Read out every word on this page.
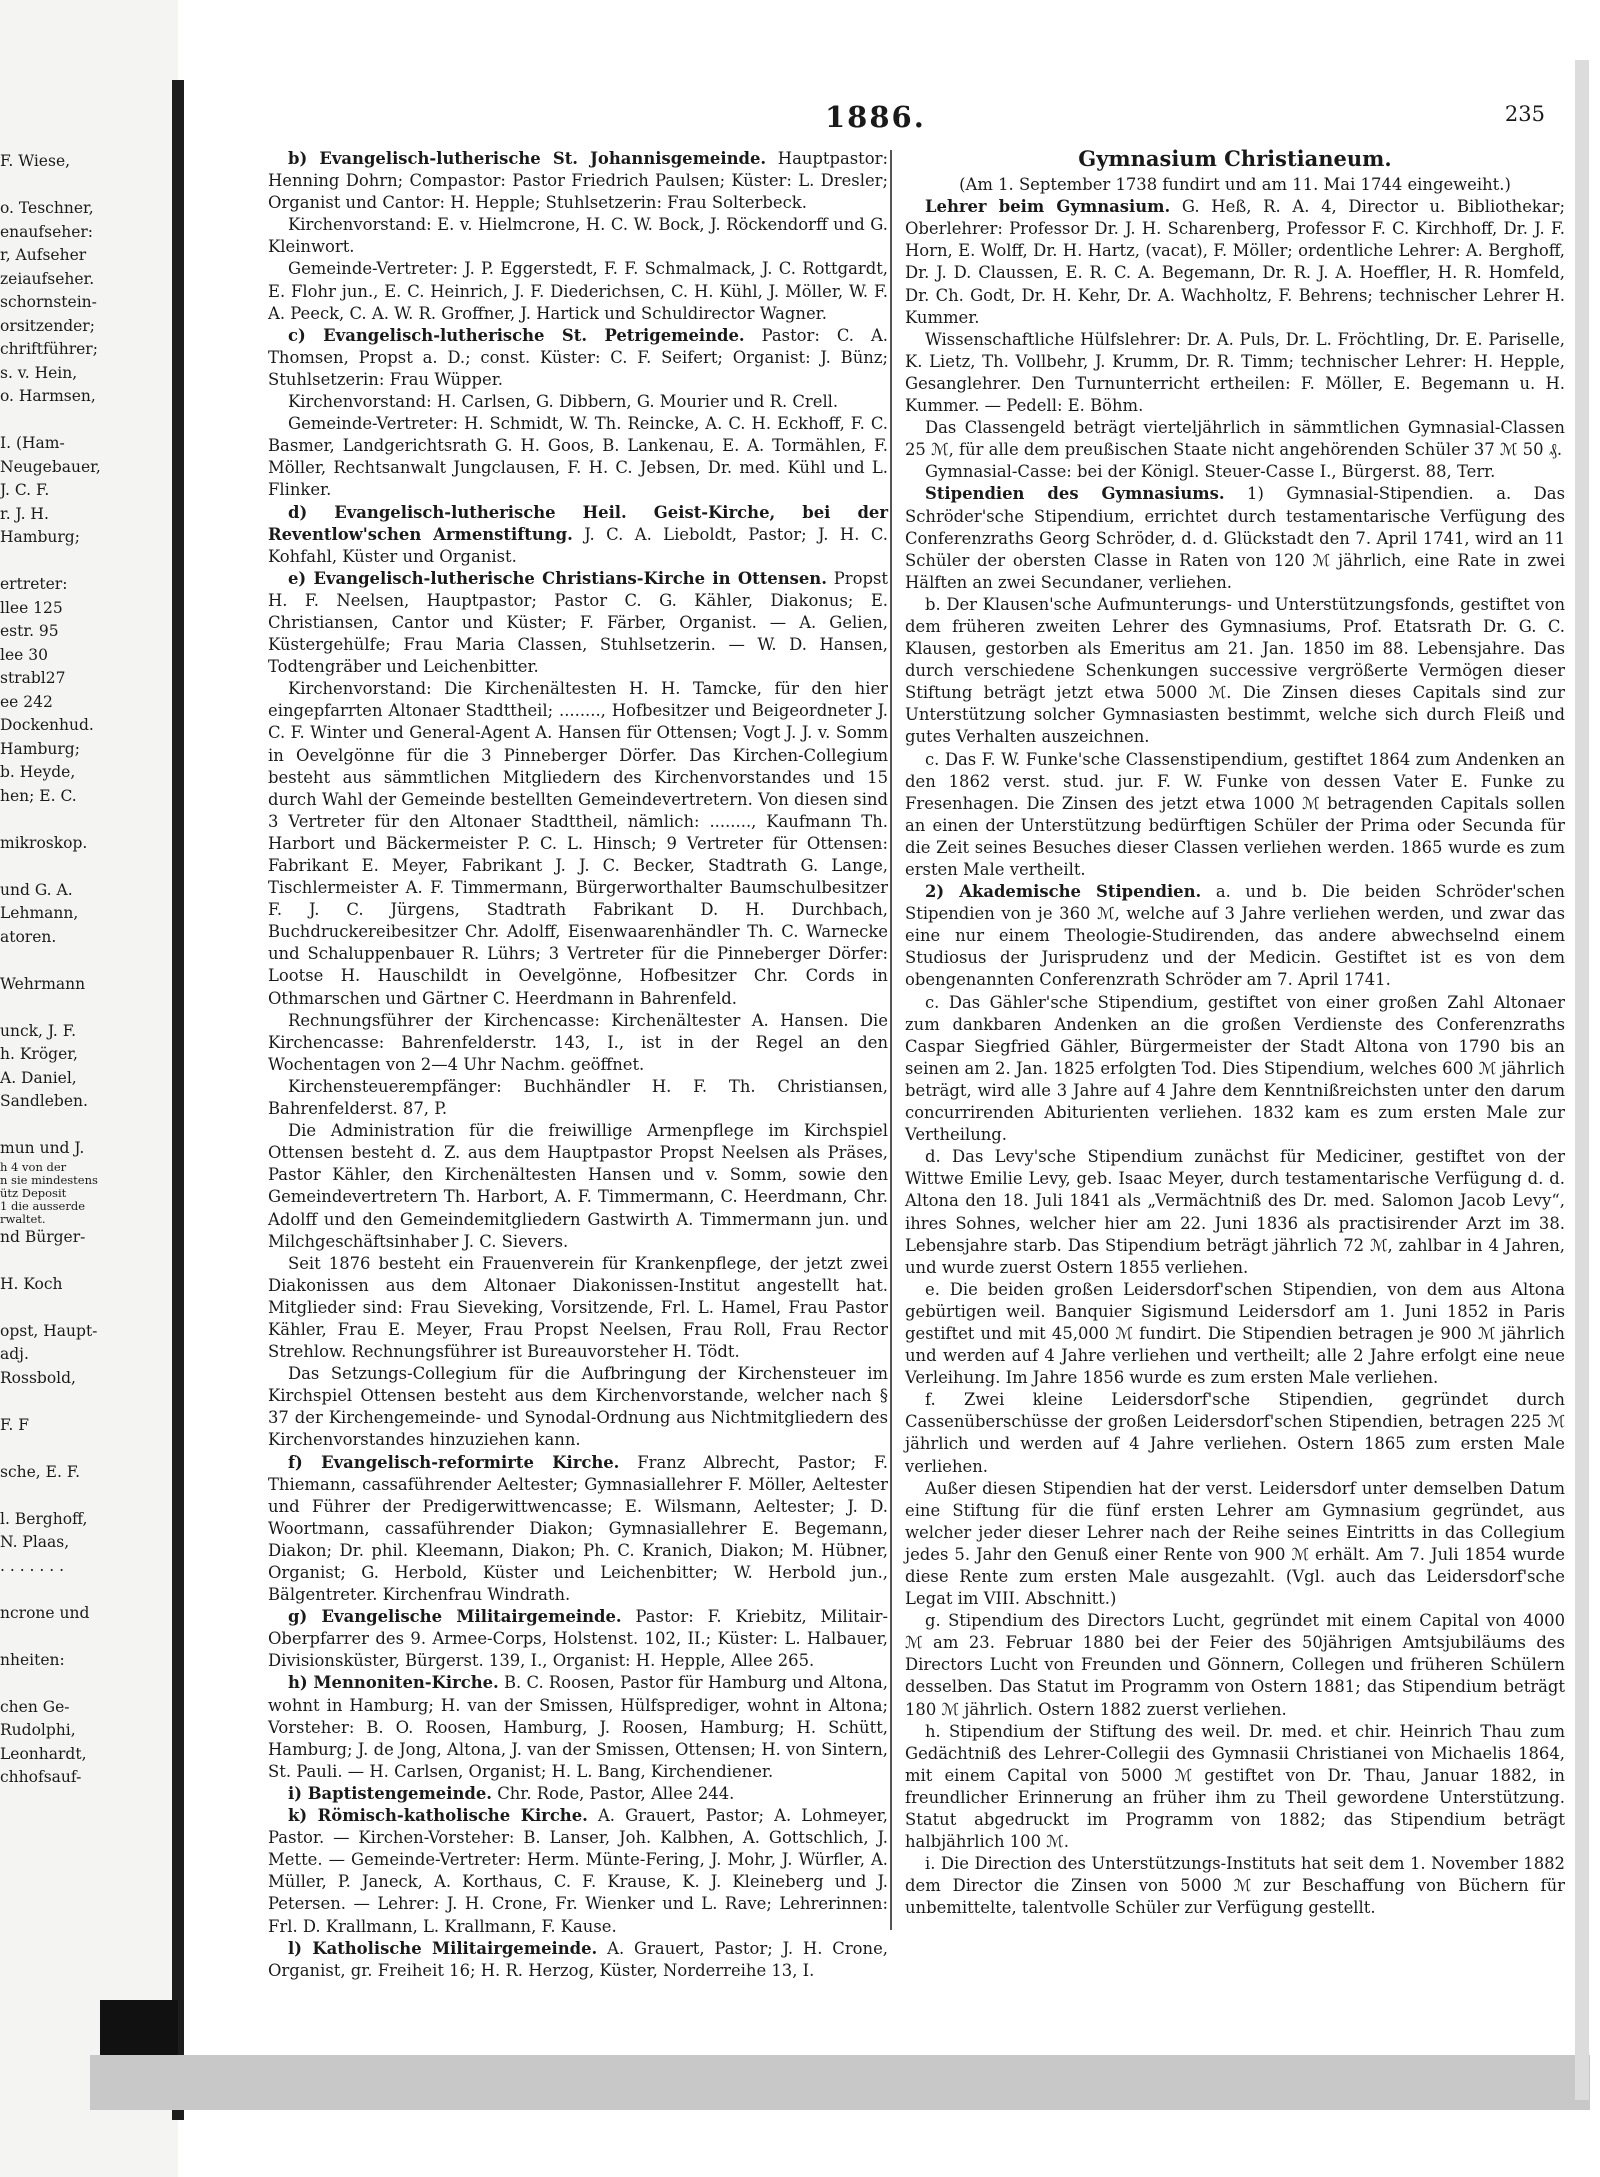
F. Wiese,

o. Teschner,
enaufseher:
r, Aufseher
zeiaufseher.
schornstein-
orsitzender;
chriftführer;
s. v. Hein,
o. Harmsen,

I. (Ham-
Neugebauer,
J. C. F.
r. J. H.
Hamburg;

ertreter:
llee 125
estr. 95
lee 30
strabl27
ee 242
Dockenhud.
Hamburg;
b. Heyde,
hen; E. C.

mikroskop.

und G. A.
Lehmann,
atoren.

Wehrmann

unck, J. F.
h. Kröger,
A. Daniel,
Sandleben.

mun und J.
h 4 von der
n sie mindestens
ütz Deposit
1 die ausserde
rwaltet.
nd Bürger-

H. Koch

opst, Haupt-
adj.
Rossbold,

F. F

sche, E. F.

l. Berghoff,
N. Plaas,
. . . . . . .

ncrone und

nheiten:

chen Ge-
Rudolphi,
Leonhardt,
chhofsauf-
1886.	235

b) Evangelisch-lutherische St. Johannisgemeinde. Hauptpastor: Henning Dohrn; Compastor: Pastor Friedrich Paulsen; Küster: L. Dresler; Organist und Cantor: H. Hepple; Stuhlsetzerin: Frau Solterbeck.

Kirchenvorstand: E. v. Hielmcrone, H. C. W. Bock, J. Röckendorff und G. Kleinwort.

Gemeinde-Vertreter: J. P. Eggerstedt, F. F. Schmalmack, J. C. Rottgardt, E. Flohr jun., E. C. Heinrich, J. F. Diederichsen, C. H. Kühl, J. Möller, W. F. A. Peeck, C. A. W. R. Groffner, J. Hartick und Schuldirector Wagner.

c) Evangelisch-lutherische St. Petrigemeinde. Pastor: C. A. Thomsen, Propst a. D.; const. Küster: C. F. Seifert; Organist: J. Bünz; Stuhlsetzerin: Frau Wüpper.

Kirchenvorstand: H. Carlsen, G. Dibbern, G. Mourier und R. Crell.

Gemeinde-Vertreter: H. Schmidt, W. Th. Reincke, A. C. H. Eckhoff, F. C. Basmer, Landgerichtsrath G. H. Goos, B. Lankenau, E. A. Tormählen, F. Möller, Rechtsanwalt Jungclausen, F. H. C. Jebsen, Dr. med. Kühl und L. Flinker.

d) Evangelisch-lutherische Heil. Geist-Kirche, bei der Reventlow'schen Armenstiftung. J. C. A. Lieboldt, Pastor; J. H. C. Kohfahl, Küster und Organist.

e) Evangelisch-lutherische Christians-Kirche in Ottensen. Propst H. F. Neelsen, Hauptpastor; Pastor C. G. Kähler, Diakonus; E. Christiansen, Cantor und Küster; F. Färber, Organist. — A. Gelien, Küstergehülfe; Frau Maria Classen, Stuhlsetzerin. — W. D. Hansen, Todtengräber und Leichenbitter.

Kirchenvorstand: Die Kirchenältesten H. H. Tamcke, für den hier eingepfarrten Altonaer Stadttheil; ........, Hofbesitzer und Beigeordneter J. C. F. Winter und General-Agent A. Hansen für Ottensen; Vogt J. J. v. Somm in Oevelgönne für die 3 Pinneberger Dörfer. Das Kirchen-Collegium besteht aus sämmtlichen Mitgliedern des Kirchenvorstandes und 15 durch Wahl der Gemeinde bestellten Gemeindevertretern. Von diesen sind 3 Vertreter für den Altonaer Stadttheil, nämlich: ........, Kaufmann Th. Harbort und Bäckermeister P. C. L. Hinsch; 9 Vertreter für Ottensen: Fabrikant E. Meyer, Fabrikant J. J. C. Becker, Stadtrath G. Lange, Tischlermeister A. F. Timmermann, Bürgerworthalter Baumschulbesitzer F. J. C. Jürgens, Stadtrath Fabrikant D. H. Durchbach, Buchdruckereibesitzer Chr. Adolff, Eisenwaarenhändler Th. C. Warnecke und Schaluppenbauer R. Lührs; 3 Vertreter für die Pinneberger Dörfer: Lootse H. Hauschildt in Oevelgönne, Hofbesitzer Chr. Cords in Othmarschen und Gärtner C. Heerdmann in Bahrenfeld.

Rechnungsführer der Kirchencasse: Kirchenältester A. Hansen. Die Kirchencasse: Bahrenfelderstr. 143, I., ist in der Regel an den Wochentagen von 2—4 Uhr Nachm. geöffnet.

Kirchensteuerempfänger: Buchhändler H. F. Th. Christiansen, Bahrenfelderst. 87, P.

Die Administration für die freiwillige Armenpflege im Kirchspiel Ottensen besteht d. Z. aus dem Hauptpastor Propst Neelsen als Präses, Pastor Kähler, den Kirchenältesten Hansen und v. Somm, sowie den Gemeindevertretern Th. Harbort, A. F. Timmermann, C. Heerdmann, Chr. Adolff und den Gemeindemitgliedern Gastwirth A. Timmermann jun. und Milchgeschäftsinhaber J. C. Sievers.

Seit 1876 besteht ein Frauenverein für Krankenpflege, der jetzt zwei Diakonissen aus dem Altonaer Diakonissen-Institut angestellt hat. Mitglieder sind: Frau Sieveking, Vorsitzende, Frl. L. Hamel, Frau Pastor Kähler, Frau E. Meyer, Frau Propst Neelsen, Frau Roll, Frau Rector Strehlow. Rechnungsführer ist Bureauvorsteher H. Tödt.

Das Setzungs-Collegium für die Aufbringung der Kirchensteuer im Kirchspiel Ottensen besteht aus dem Kirchenvorstande, welcher nach § 37 der Kirchengemeinde- und Synodal-Ordnung aus Nichtmitgliedern des Kirchenvorstandes hinzuziehen kann.

f) Evangelisch-reformirte Kirche. Franz Albrecht, Pastor; F. Thiemann, cassaführender Aeltester; Gymnasiallehrer F. Möller, Aeltester und Führer der Predigerwittwencasse; E. Wilsmann, Aeltester; J. D. Woortmann, cassaführender Diakon; Gymnasiallehrer E. Begemann, Diakon; Dr. phil. Kleemann, Diakon; Ph. C. Kranich, Diakon; M. Hübner, Organist; G. Herbold, Küster und Leichenbitter; W. Herbold jun., Bälgentreter. Kirchenfrau Windrath.

g) Evangelische Militairgemeinde. Pastor: F. Kriebitz, Militair-Oberpfarrer des 9. Armee-Corps, Holstenst. 102, II.; Küster: L. Halbauer, Divisionsküster, Bürgerst. 139, I., Organist: H. Hepple, Allee 265.

h) Mennoniten-Kirche. B. C. Roosen, Pastor für Hamburg und Altona, wohnt in Hamburg; H. van der Smissen, Hülfsprediger, wohnt in Altona; Vorsteher: B. O. Roosen, Hamburg, J. Roosen, Hamburg; H. Schütt, Hamburg; J. de Jong, Altona, J. van der Smissen, Ottensen; H. von Sintern, St. Pauli. — H. Carlsen, Organist; H. L. Bang, Kirchendiener.

i) Baptistengemeinde. Chr. Rode, Pastor, Allee 244.

k) Römisch-katholische Kirche. A. Grauert, Pastor; A. Lohmeyer, Pastor. — Kirchen-Vorsteher: B. Lanser, Joh. Kalbhen, A. Gottschlich, J. Mette. — Gemeinde-Vertreter: Herm. Münte-Fering, J. Mohr, J. Würfler, A. Müller, P. Janeck, A. Korthaus, C. F. Krause, K. J. Kleineberg und J. Petersen. — Lehrer: J. H. Crone, Fr. Wienker und L. Rave; Lehrerinnen: Frl. D. Krallmann, L. Krallmann, F. Kause.

l) Katholische Militairgemeinde. A. Grauert, Pastor; J. H. Crone, Organist, gr. Freiheit 16; H. R. Herzog, Küster, Norderreihe 13, I.

Gymnasium Christianeum.

(Am 1. September 1738 fundirt und am 11. Mai 1744 eingeweiht.)

Lehrer beim Gymnasium. G. Heß, R. A. 4, Director u. Bibliothekar; Oberlehrer: Professor Dr. J. H. Scharenberg, Professor F. C. Kirchhoff, Dr. J. F. Horn, E. Wolff, Dr. H. Hartz, (vacat), F. Möller; ordentliche Lehrer: A. Berghoff, Dr. J. D. Claussen, E. R. C. A. Begemann, Dr. R. J. A. Hoeffler, H. R. Homfeld, Dr. Ch. Godt, Dr. H. Kehr, Dr. A. Wachholtz, F. Behrens; technischer Lehrer H. Kummer.

Wissenschaftliche Hülfslehrer: Dr. A. Puls, Dr. L. Fröchtling, Dr. E. Pariselle, K. Lietz, Th. Vollbehr, J. Krumm, Dr. R. Timm; technischer Lehrer: H. Hepple, Gesanglehrer. Den Turnunterricht ertheilen: F. Möller, E. Begemann u. H. Kummer. — Pedell: E. Böhm.

Das Classengeld beträgt vierteljährlich in sämmtlichen Gymnasial-Classen 25 ℳ, für alle dem preußischen Staate nicht angehörenden Schüler 37 ℳ 50 ₰.

Gymnasial-Casse: bei der Königl. Steuer-Casse I., Bürgerst. 88, Terr.

Stipendien des Gymnasiums. 1) Gymnasial-Stipendien. a. Das Schröder'sche Stipendium, errichtet durch testamentarische Verfügung des Conferenzraths Georg Schröder, d. d. Glückstadt den 7. April 1741, wird an 11 Schüler der obersten Classe in Raten von 120 ℳ jährlich, eine Rate in zwei Hälften an zwei Secundaner, verliehen.

b. Der Klausen'sche Aufmunterungs- und Unterstützungsfonds, gestiftet von dem früheren zweiten Lehrer des Gymnasiums, Prof. Etatsrath Dr. G. C. Klausen, gestorben als Emeritus am 21. Jan. 1850 im 88. Lebensjahre. Das durch verschiedene Schenkungen successive vergrößerte Vermögen dieser Stiftung beträgt jetzt etwa 5000 ℳ. Die Zinsen dieses Capitals sind zur Unterstützung solcher Gymnasiasten bestimmt, welche sich durch Fleiß und gutes Verhalten auszeichnen.

c. Das F. W. Funke'sche Classenstipendium, gestiftet 1864 zum Andenken an den 1862 verst. stud. jur. F. W. Funke von dessen Vater E. Funke zu Fresenhagen. Die Zinsen des jetzt etwa 1000 ℳ betragenden Capitals sollen an einen der Unterstützung bedürftigen Schüler der Prima oder Secunda für die Zeit seines Besuches dieser Classen verliehen werden. 1865 wurde es zum ersten Male vertheilt.

2) Akademische Stipendien. a. und b. Die beiden Schröder'schen Stipendien von je 360 ℳ, welche auf 3 Jahre verliehen werden, und zwar das eine nur einem Theologie-Studirenden, das andere abwechselnd einem Studiosus der Jurisprudenz und der Medicin. Gestiftet ist es von dem obengenannten Conferenzrath Schröder am 7. April 1741.

c. Das Gähler'sche Stipendium, gestiftet von einer großen Zahl Altonaer zum dankbaren Andenken an die großen Verdienste des Conferenzraths Caspar Siegfried Gähler, Bürgermeister der Stadt Altona von 1790 bis an seinen am 2. Jan. 1825 erfolgten Tod. Dies Stipendium, welches 600 ℳ jährlich beträgt, wird alle 3 Jahre auf 4 Jahre dem Kenntnißreichsten unter den darum concurrirenden Abiturienten verliehen. 1832 kam es zum ersten Male zur Vertheilung.

d. Das Levy'sche Stipendium zunächst für Mediciner, gestiftet von der Wittwe Emilie Levy, geb. Isaac Meyer, durch testamentarische Verfügung d. d. Altona den 18. Juli 1841 als „Vermächtniß des Dr. med. Salomon Jacob Levy“, ihres Sohnes, welcher hier am 22. Juni 1836 als practisirender Arzt im 38. Lebensjahre starb. Das Stipendium beträgt jährlich 72 ℳ, zahlbar in 4 Jahren, und wurde zuerst Ostern 1855 verliehen.

e. Die beiden großen Leidersdorf'schen Stipendien, von dem aus Altona gebürtigen weil. Banquier Sigismund Leidersdorf am 1. Juni 1852 in Paris gestiftet und mit 45,000 ℳ fundirt. Die Stipendien betragen je 900 ℳ jährlich und werden auf 4 Jahre verliehen und vertheilt; alle 2 Jahre erfolgt eine neue Verleihung. Im Jahre 1856 wurde es zum ersten Male verliehen.

f. Zwei kleine Leidersdorf'sche Stipendien, gegründet durch Cassenüberschüsse der großen Leidersdorf'schen Stipendien, betragen 225 ℳ jährlich und werden auf 4 Jahre verliehen. Ostern 1865 zum ersten Male verliehen.

Außer diesen Stipendien hat der verst. Leidersdorf unter demselben Datum eine Stiftung für die fünf ersten Lehrer am Gymnasium gegründet, aus welcher jeder dieser Lehrer nach der Reihe seines Eintritts in das Collegium jedes 5. Jahr den Genuß einer Rente von 900 ℳ erhält. Am 7. Juli 1854 wurde diese Rente zum ersten Male ausgezahlt. (Vgl. auch das Leidersdorf'sche Legat im VIII. Abschnitt.)

g. Stipendium des Directors Lucht, gegründet mit einem Capital von 4000 ℳ am 23. Februar 1880 bei der Feier des 50jährigen Amtsjubiläums des Directors Lucht von Freunden und Gönnern, Collegen und früheren Schülern desselben. Das Statut im Programm von Ostern 1881; das Stipendium beträgt 180 ℳ jährlich. Ostern 1882 zuerst verliehen.

h. Stipendium der Stiftung des weil. Dr. med. et chir. Heinrich Thau zum Gedächtniß des Lehrer-Collegii des Gymnasii Christianei von Michaelis 1864, mit einem Capital von 5000 ℳ gestiftet von Dr. Thau, Januar 1882, in freundlicher Erinnerung an früher ihm zu Theil gewordene Unterstützung. Statut abgedruckt im Programm von 1882; das Stipendium beträgt halbjährlich 100 ℳ.

i. Die Direction des Unterstützungs-Instituts hat seit dem 1. November 1882 dem Director die Zinsen von 5000 ℳ zur Beschaffung von Büchern für unbemittelte, talentvolle Schüler zur Verfügung gestellt.
